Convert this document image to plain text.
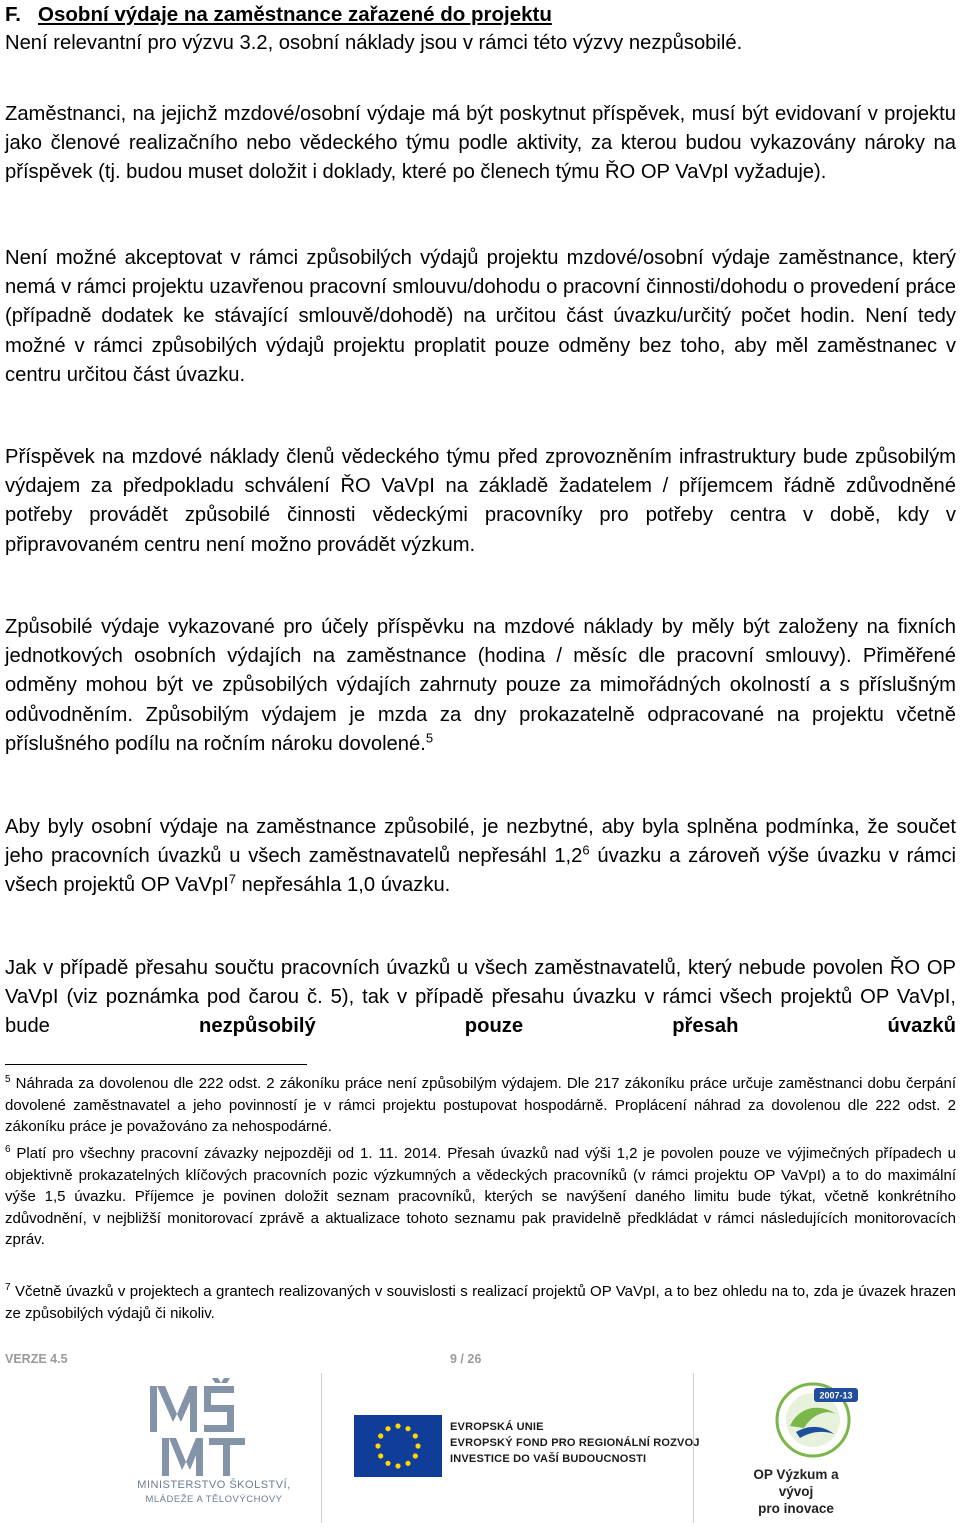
F. Osobní výdaje na zaměstnance zařazené do projektu
Není relevantní pro výzvu 3.2, osobní náklady jsou v rámci této výzvy nezpůsobilé.
Zaměstnanci, na jejichž mzdové/osobní výdaje má být poskytnut příspěvek, musí být evidovaní v projektu jako členové realizačního nebo vědeckého týmu podle aktivity, za kterou budou vykazovány nároky na příspěvek (tj. budou muset doložit i doklady, které po členech týmu ŘO OP VaVpI vyžaduje).
Není možné akceptovat v rámci způsobilých výdajů projektu mzdové/osobní výdaje zaměstnance, který nemá v rámci projektu uzavřenou pracovní smlouvu/dohodu o pracovní činnosti/dohodu o provedení práce (případně dodatek ke stávající smlouvě/dohodě) na určitou část úvazku/určitý počet hodin. Není tedy možné v rámci způsobilých výdajů projektu proplatit pouze odměny bez toho, aby měl zaměstnanec v centru určitou část úvazku.
Příspěvek na mzdové náklady členů vědeckého týmu před zprovozněním infrastruktury bude způsobilým výdajem za předpokladu schválení ŘO VaVpI na základě žadatelem / příjemcem řádně zdůvodněné potřeby provádět způsobilé činnosti vědeckými pracovníky pro potřeby centra v době, kdy v připravovaném centru není možno provádět výzkum.
Způsobilé výdaje vykazované pro účely příspěvku na mzdové náklady by měly být založeny na fixních jednotkových osobních výdajích na zaměstnance (hodina / měsíc dle pracovní smlouvy). Přiměřené odměny mohou být ve způsobilých výdajích zahrnuty pouze za mimořádných okolností a s příslušným odůvodněním. Způsobilým výdajem je mzda za dny prokazatelně odpracované na projektu včetně příslušného podílu na ročním nároku dovolené.$^5$
Aby byly osobní výdaje na zaměstnance způsobilé, je nezbytné, aby byla splněna podmínka, že součet jeho pracovních úvazků u všech zaměstnavatelů nepřesáhl $1,2^6$ úvazku a zároveň výše úvazku v rámci všech projektů OP VaVpI$^7$ nepřesáhla 1,0 úvazku.
Jak v případě přesahu součtu pracovních úvazků u všech zaměstnavatelů, který nebude povolen ŘO OP VaVpI (viz poznámka pod čarou č. 5), tak v případě přesahu úvazku v rámci všech projektů OP VaVpI, bude nezpůsobilý pouze přesah úvazků
$^5$ Náhrada za dovolenou dle 222 odst. 2 zákoníku práce není způsobilým výdajem. Dle 217 zákoníku práce určuje zaměstnanci dobu čerpání dovolené zaměstnavatel a jeho povinností je v rámci projektu postupovat hospodárně. Proplácení náhrad za dovolenou dle 222 odst. 2 zákoníku práce je považováno za nehospodárné.
$^6$ Platí pro všechny pracovní závazky nejpozději od 1. 11. 2014. Přesah úvazků nad výši 1,2 je povolen pouze ve výjimečných případech u objektivně prokazatelných klíčových pracovních pozic výzkumných a vědeckých pracovníků (v rámci projektu OP VaVpI) a to do maximální výše 1,5 úvazku. Příjemce je povinen doložit seznam pracovníků, kterých se navýšení daného limitu bude týkat, včetně konkrétního zdůvodnění, v nejbližší monitorovací zprávě a aktualizace tohoto seznamu pak pravidelně předkládat v rámci následujících monitorovacích zpráv.
$^7$ Včetně úvazků v projektech a grantech realizovaných v souvislosti s realizací projektů OP VaVpI, a to bez ohledu na to, zda je úvazek hrazen ze způsobilých výdajů či nikoliv.
VERZE 4.5	9 / 26
MINISTERSTVO ŠKOLSTVÍ,
MLÁDEŽE A TĚLOVÝCHOVY
EVROPSKÁ UNIE
EVROPSKÝ FOND PRO REGIONÁLNÍ ROZVOJ
INVESTICE DO VAŠÍ BUDOUCNOSTI
2007-13
OP Výzkum a vývoj
pro inovace
